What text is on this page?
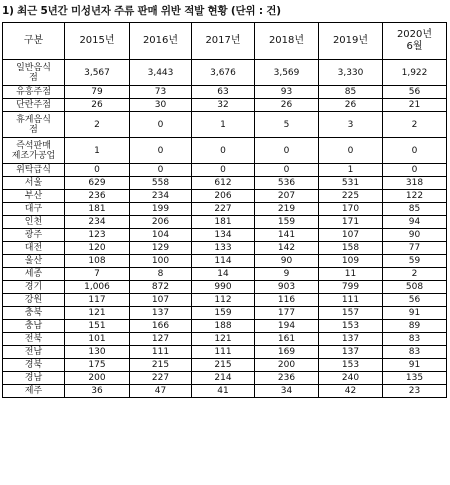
1) 최근 5년간 미성년자 주류 판매 위반 적발 현황 (단위 : 건)
구분	2015년	2016년	2017년	2018년	2019년	2020년
6월
일반음식
점	3,567	3,443	3,676	3,569	3,330	1,922
유흥주점	79	73	63	93	85	56
단란주점	26	30	32	26	26	21
휴게음식
점	2	0	1	5	3	2
즉석판매
제조가공업	1	0	0	0	0	0
위탁급식	0	0	0	0	1	0
서울	629	558	612	536	531	318
부산	236	234	206	207	225	122
대구	181	199	227	219	170	85
인천	234	206	181	159	171	94
광주	123	104	134	141	107	90
대전	120	129	133	142	158	77
울산	108	100	114	90	109	59
세종	7	8	14	9	11	2
경기	1,006	872	990	903	799	508
강원	117	107	112	116	111	56
충북	121	137	159	177	157	91
충남	151	166	188	194	153	89
전북	101	127	121	161	137	83
전남	130	111	111	169	137	83
경북	175	215	215	200	153	91
경남	200	227	214	236	240	135
제주	36	47	41	34	42	23
